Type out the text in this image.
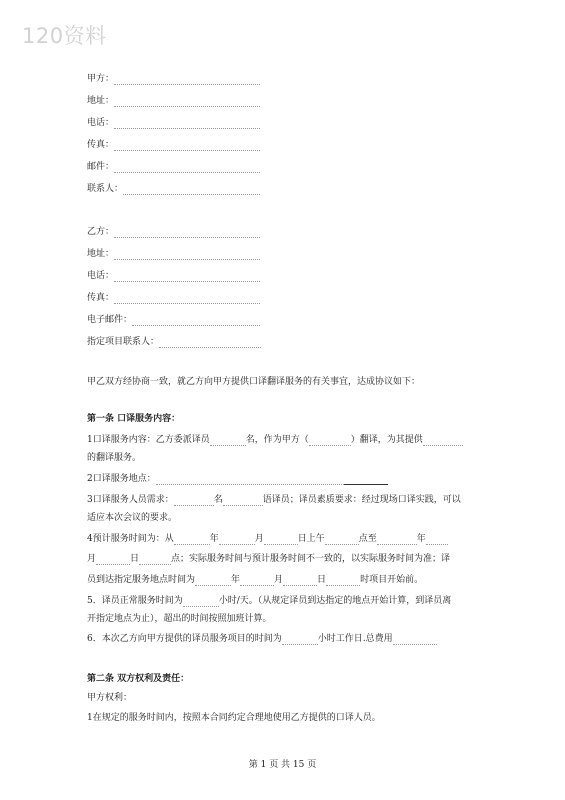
120资料
甲方：
地址：
电话：
传真：
邮件：
联系人：
乙方：
地址：
电话：
传真：
电子邮件：
指定项目联系人：
甲乙双方经协商一致，就乙方向甲方提供口译翻译服务的有关事宜，达成协议如下：
第一条 口译服务内容：
1口译服务内容：乙方委派译员	名，作为甲方（	）翻译，为其提供
的翻译服务。
2口译服务地点：
3口译服务人员需求：	名	语译员；译员素质要求：经过现场口译实践，可以
适应本次会议的要求。
4预计服务时间为：从	年	月	日上午	点至	年
月	日	点；实际服务时间与预计服务时间不一致的，以实际服务时间为准；译
员到达指定服务地点时间为	年	月	日	时项目开始前。
5．译员正常服务时间为	小时/天。（从规定译员到达指定的地点开始计算，到译员离
开指定地点为止），超出的时间按照加班计算。
6．本次乙方向甲方提供的译员服务项目的时间为	小时工作日.总费用
第二条 双方权利及责任：
甲方权利：
1在规定的服务时间内，按照本合同约定合理地使用乙方提供的口译人员。
第 1 页 共 15 页
